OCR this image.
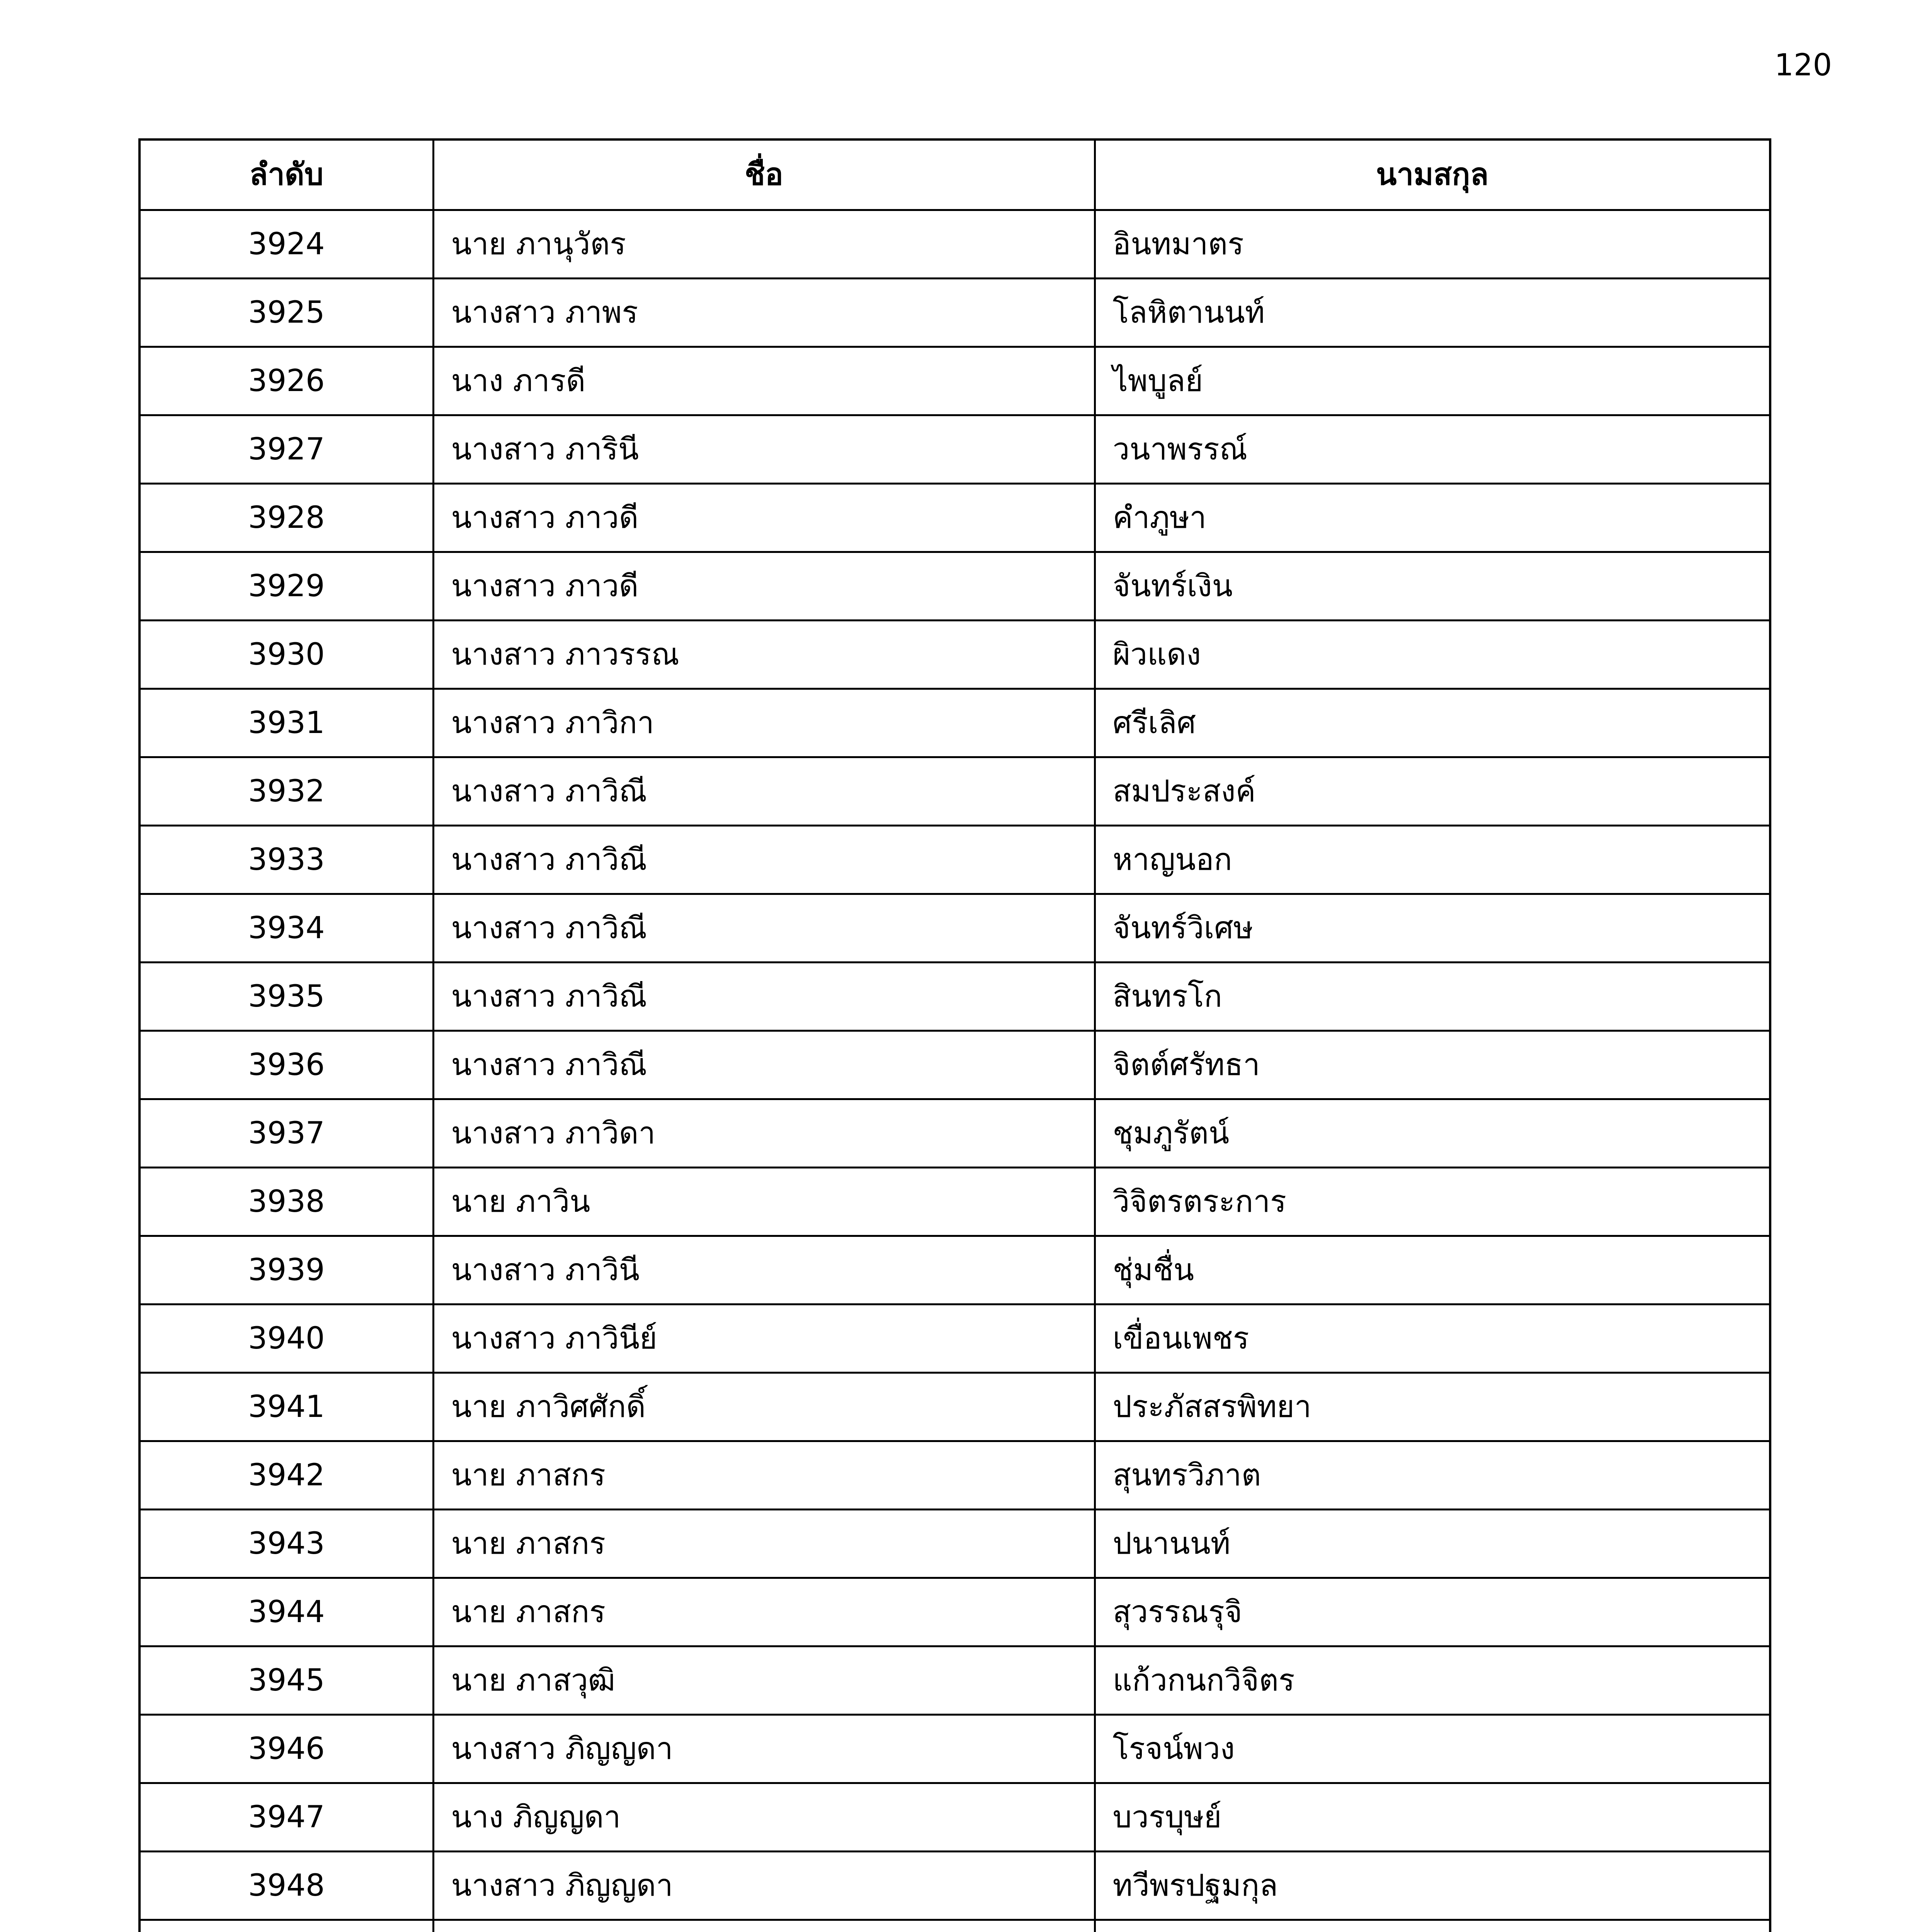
120
ลำดับ	ชื่อ	นามสกุล
3924	นาย ภานุวัตร	อินทมาตร
3925	นางสาว ภาพร	โลหิตานนท์
3926	นาง ภารดี	ไพบูลย์
3927	นางสาว ภารินี	วนาพรรณ์
3928	นางสาว ภาวดี	คำภูษา
3929	นางสาว ภาวดี	จันทร์เงิน
3930	นางสาว ภาวรรณ	ผิวแดง
3931	นางสาว ภาวิกา	ศรีเลิศ
3932	นางสาว ภาวิณี	สมประสงค์
3933	นางสาว ภาวิณี	หาญนอก
3934	นางสาว ภาวิณี	จันทร์วิเศษ
3935	นางสาว ภาวิณี	สินทรโก
3936	นางสาว ภาวิณี	จิตต์ศรัทธา
3937	นางสาว ภาวิดา	ชุมภูรัตน์
3938	นาย ภาวิน	วิจิตรตระการ
3939	นางสาว ภาวินี	ชุ่มชื่น
3940	นางสาว ภาวินีย์	เขื่อนเพชร
3941	นาย ภาวิศศักดิ์	ประภัสสรพิทยา
3942	นาย ภาสกร	สุนทรวิภาต
3943	นาย ภาสกร	ปนานนท์
3944	นาย ภาสกร	สุวรรณรุจิ
3945	นาย ภาสวุฒิ	แก้วกนกวิจิตร
3946	นางสาว ภิญญดา	โรจน์พวง
3947	นาง ภิญญดา	บวรบุษย์
3948	นางสาว ภิญญดา	ทวีพรปฐมกุล
